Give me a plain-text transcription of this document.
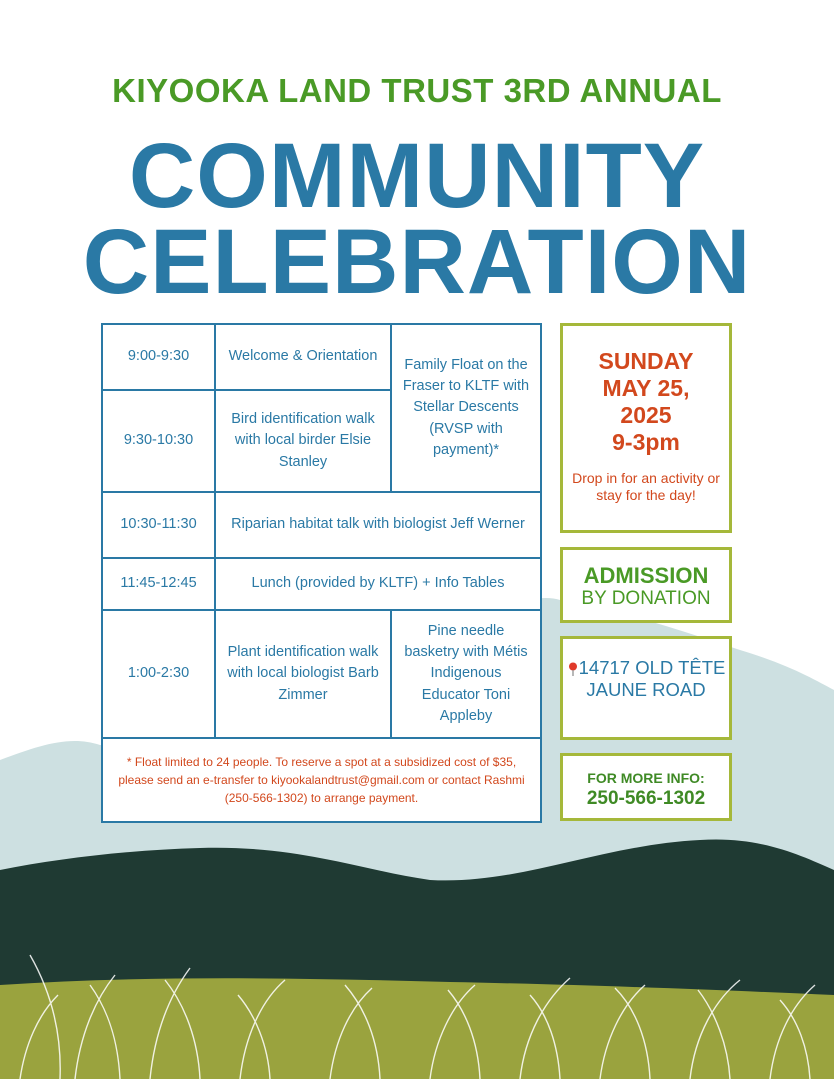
KIYOOKA LAND TRUST 3RD ANNUAL
COMMUNITY
CELEBRATION
9:00-9:30	Welcome & Orientation	Family Float on the Fraser to KLTF with Stellar Descents (RVSP with payment)*
9:30-10:30	Bird identification walk with local birder Elsie Stanley	
10:30-11:30	Riparian habitat talk with biologist Jeff Werner	
11:45-12:45	Lunch (provided by KLTF) + Info Tables	
1:00-2:30	Plant identification walk with local biologist Barb Zimmer	Pine needle basketry with Métis Indigenous Educator Toni Appleby
* Float limited to 24 people. To reserve a spot at a subsidized cost of $35, please send an e-transfer to kiyookalandtrust@gmail.com or contact Rashmi (250-566-1302) to arrange payment.		
SUNDAY
MAY 25,
2025
9-3pm
Drop in for an activity or stay for the day!
ADMISSION
BY DONATION
14717 OLD TÊTE JAUNE ROAD
FOR MORE INFO:
250-566-1302
